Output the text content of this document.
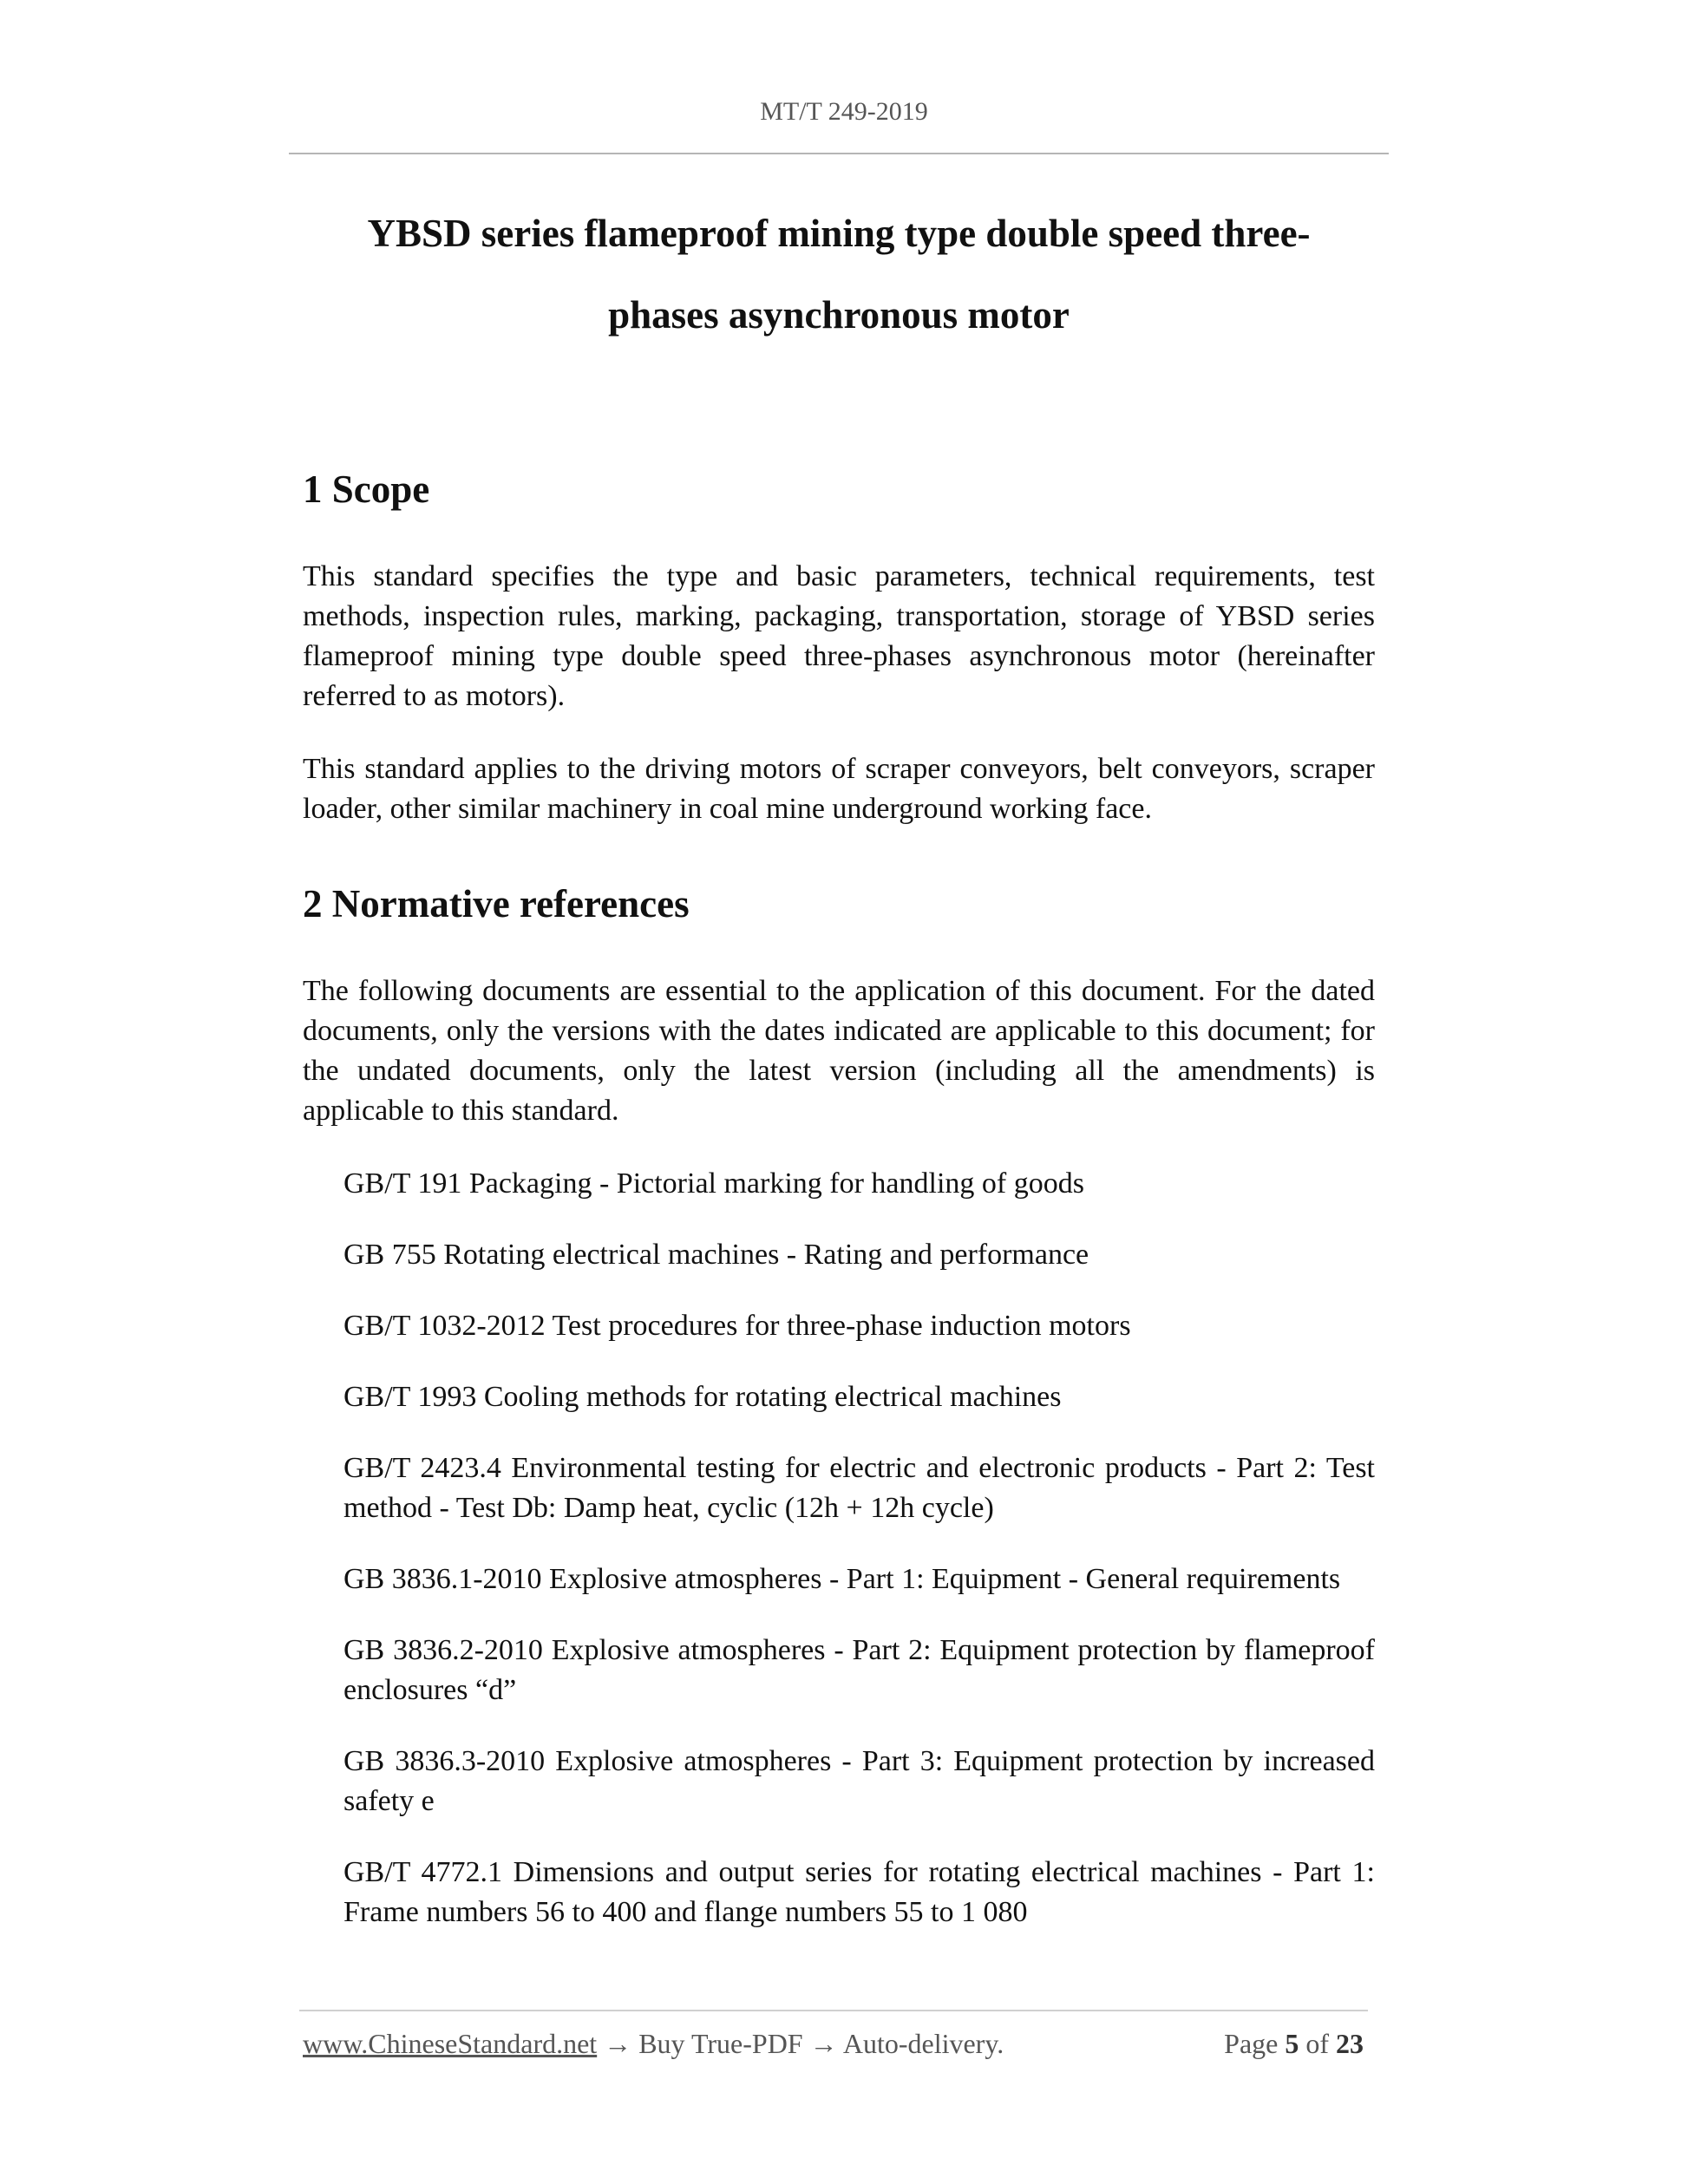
MT/T 249-2019
YBSD series flameproof mining type double speed three-
phases asynchronous motor
1 Scope
This standard specifies the type and basic parameters, technical requirements, test methods, inspection rules, marking, packaging, transportation, storage of YBSD series flameproof mining type double speed three-phases asynchronous motor (hereinafter referred to as motors).
This standard applies to the driving motors of scraper conveyors, belt conveyors, scraper loader, other similar machinery in coal mine underground working face.
2 Normative references
The following documents are essential to the application of this document. For the dated documents, only the versions with the dates indicated are applicable to this document; for the undated documents, only the latest version (including all the amendments) is applicable to this standard.
GB/T 191 Packaging - Pictorial marking for handling of goods
GB 755 Rotating electrical machines - Rating and performance
GB/T 1032-2012 Test procedures for three-phase induction motors
GB/T 1993 Cooling methods for rotating electrical machines
GB/T 2423.4 Environmental testing for electric and electronic products - Part 2: Test method - Test Db: Damp heat, cyclic (12h + 12h cycle)
GB 3836.1-2010 Explosive atmospheres - Part 1: Equipment - General requirements
GB 3836.2-2010 Explosive atmospheres - Part 2: Equipment protection by flameproof enclosures “d”
GB 3836.3-2010 Explosive atmospheres - Part 3: Equipment protection by increased safety e
GB/T 4772.1 Dimensions and output series for rotating electrical machines - Part 1: Frame numbers 56 to 400 and flange numbers 55 to 1 080
www.ChineseStandard.net → Buy True-PDF → Auto-delivery.	Page 5 of 23
